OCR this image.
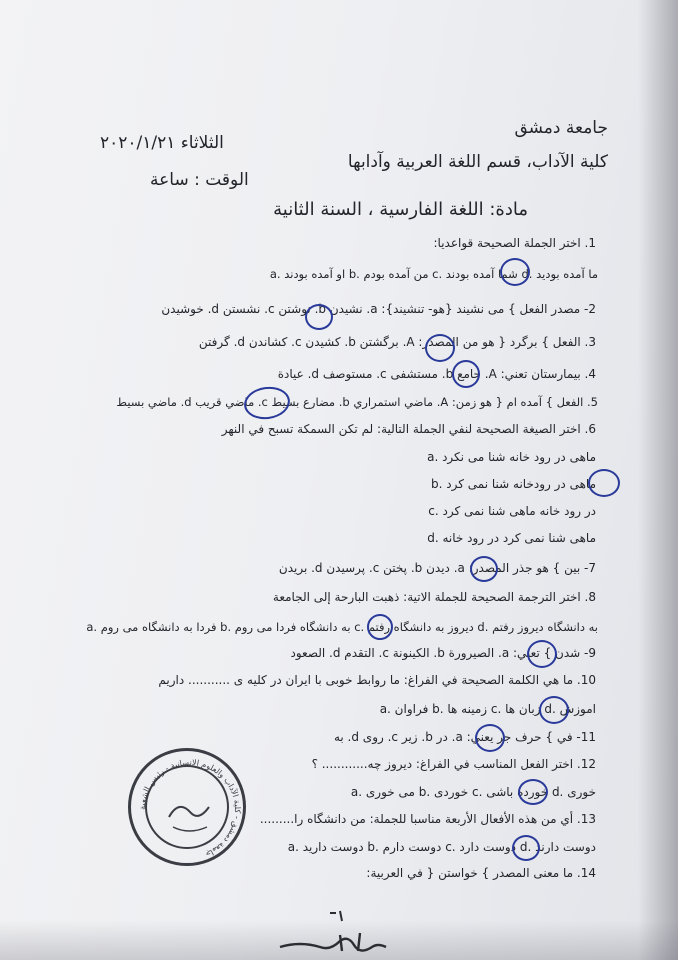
جامعة دمشق
الثلاثاء ٢٠٢٠/١/٢١
كلية الآداب، قسم اللغة العربية وآدابها
الوقت : ساعة
مادة: اللغة الفارسية ، السنة الثانية
1. اختر الجملة الصحيحة قواعديا:
a. او آمده بودند b. من آمده بودم c. شما آمده بودند d. ما آمده بودید
2- مصدر الفعل } می نشیند {هو- تنشیند}: a. نشیدن b. نوشتن c. نشستن d. خوشیدن
3. الفعل } برگرد { هو من المصدر: A. برگشتن b. کشیدن c. کشاندن d. گرفتن
4. بیمارستان تعني: A. جامع b. مستشفى c. مستوصف d. عيادة
5. الفعل } آمده ام { هو زمن: A. ماضي استمراري b. مضارع بسيط c. ماضي قريب d. ماضي بسيط
6. اختر الصيغة الصحيحة لنفي الجملة التالية: لم تكن السمكة تسبح في النهر
a. ماهی در رود خانه شنا می نکرد
b. ماهی در رودخانه شنا نمی کرد
c. در رود خانه ماهی شنا نمی کرد
d. ماهی شنا نمی کرد در رود خانه
7- بین } هو جذر المصدر: a. دیدن b. پختن c. پرسیدن d. بریدن
8. اختر الترجمة الصحيحة للجملة الاتية: ذهبت البارحة إلى الجامعة
a. فردا به دانشگاه می روم b. به دانشگاه فردا می روم c. دیروز به دانشگاه رفتم d. به دانشگاه دیروز رفتم
9- شدن } تعني: a. الصيرورة b. الكينونة c. التقدم d. الصعود
10. ما هي الكلمة الصحيحة في الفراغ: ما روابط خوبی با ایران در کلیه ی ........... داریم
a. فراوان b. زمینه ها c. زبان ها d. اموزش
11- في } حرف جر يعني: a. در b. زیر c. روی d. به
12. اختر الفعل المناسب في الفراغ: دیروز چه............ ؟
a. می خوری b. خوردی c. خورده باشی d. خوری
13. أي من هذه الأفعال الأربعة مناسبا للجملة: من دانشگاه را.........
a. دوست دارید b. دوست دارم c. دوست دارد d. دوست دارند
14. ما معنى المصدر } خواستن { في العربية:
جامعة دمشق - كلية الآداب والعلوم الإنسانية - رئيس الشعبة
